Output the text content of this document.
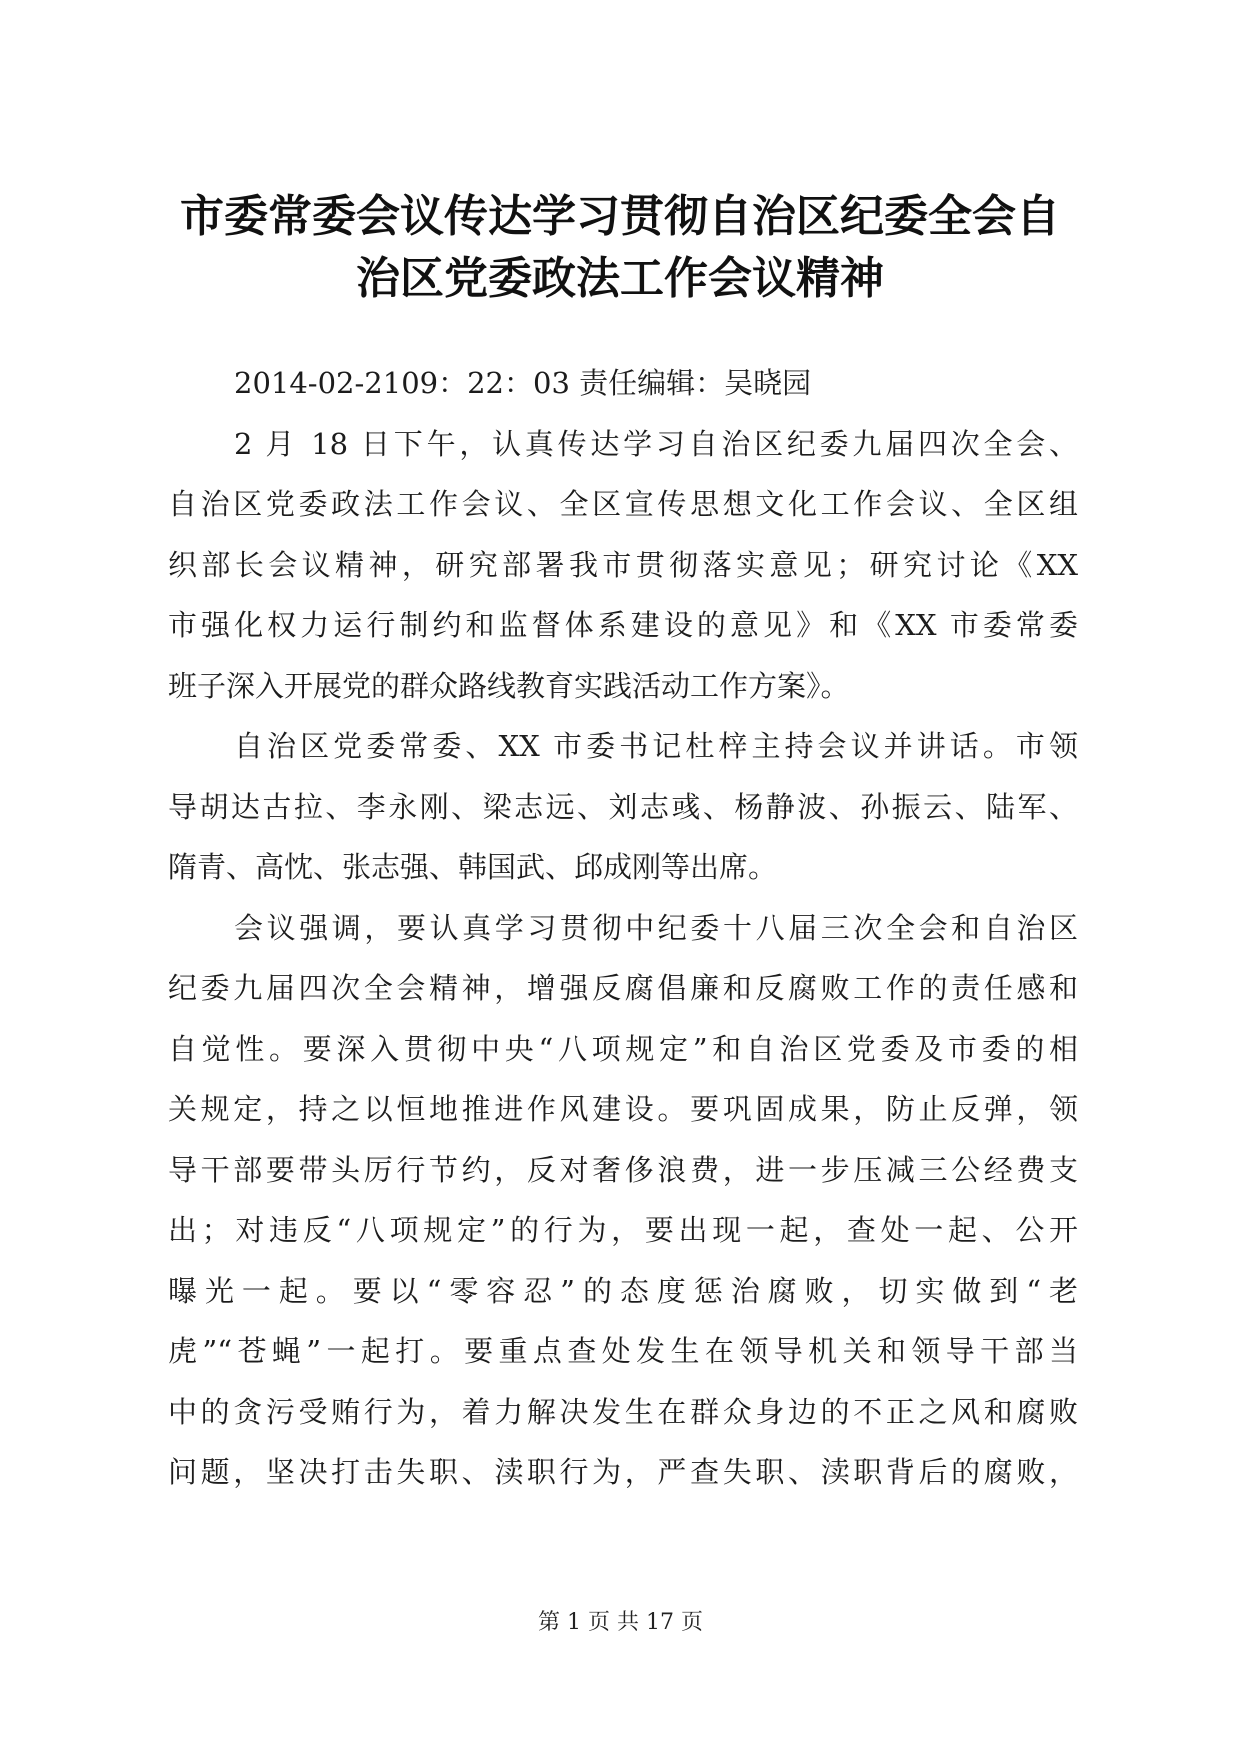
市委常委会议传达学习贯彻自治区纪委全会自
治区党委政法工作会议精神
2014-02-2109：22：03 责任编辑：吴晓园
2 月 18 日下午，认真传达学习自治区纪委九届四次全会、
自治区党委政法工作会议、全区宣传思想文化工作会议、全区组
织部长会议精神，研究部署我市贯彻落实意见；研究讨论《XX
市强化权力运行制约和监督体系建设的意见》和《XX 市委常委
班子深入开展党的群众路线教育实践活动工作方案》。
自治区党委常委、XX 市委书记杜梓主持会议并讲话。市领
导胡达古拉、李永刚、梁志远、刘志彧、杨静波、孙振云、陆军、
隋青、高忱、张志强、韩国武、邱成刚等出席。
会议强调，要认真学习贯彻中纪委十八届三次全会和自治区
纪委九届四次全会精神，增强反腐倡廉和反腐败工作的责任感和
自觉性。要深入贯彻中央“八项规定”和自治区党委及市委的相
关规定，持之以恒地推进作风建设。要巩固成果，防止反弹，领
导干部要带头厉行节约，反对奢侈浪费，进一步压减三公经费支
出；对违反“八项规定”的行为，要出现一起，查处一起、公开
曝光一起。要以“零容忍”的态度惩治腐败，切实做到“老
虎”“苍蝇”一起打。要重点查处发生在领导机关和领导干部当
中的贪污受贿行为，着力解决发生在群众身边的不正之风和腐败
问题，坚决打击失职、渎职行为，严查失职、渎职背后的腐败，
第 1 页 共 17 页
